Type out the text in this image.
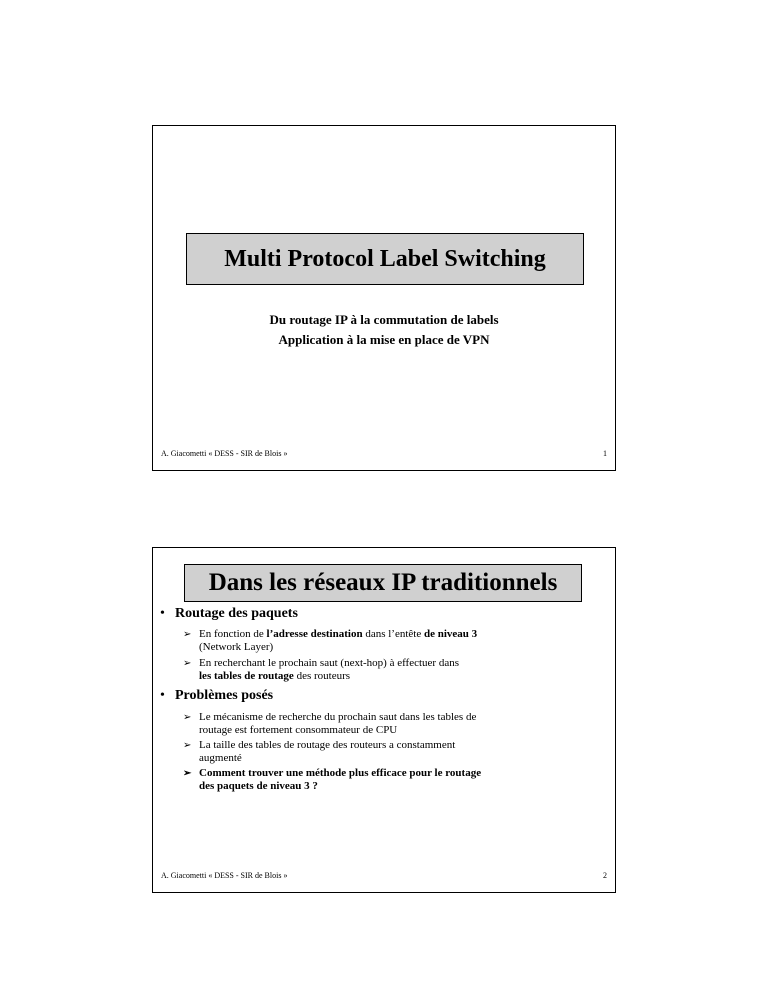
Multi Protocol Label Switching
Du routage IP à la commutation de labels
Application à la mise en place de VPN
A. Giacometti « DESS - SIR de Blois »	1
Dans les réseaux IP traditionnels
• Routage des paquets
➢ En fonction de l’adresse destination dans l’entête de niveau 3
(Network Layer)
➢ En recherchant le prochain saut (next-hop) à effectuer dans
les tables de routage des routeurs
• Problèmes posés
➢ Le mécanisme de recherche du prochain saut dans les tables de
routage est fortement consommateur de CPU
➢ La taille des tables de routage des routeurs a constamment
augmenté
➢ Comment trouver une méthode plus efficace pour le routage
des paquets de niveau 3 ?
A. Giacometti « DESS - SIR de Blois »	2
